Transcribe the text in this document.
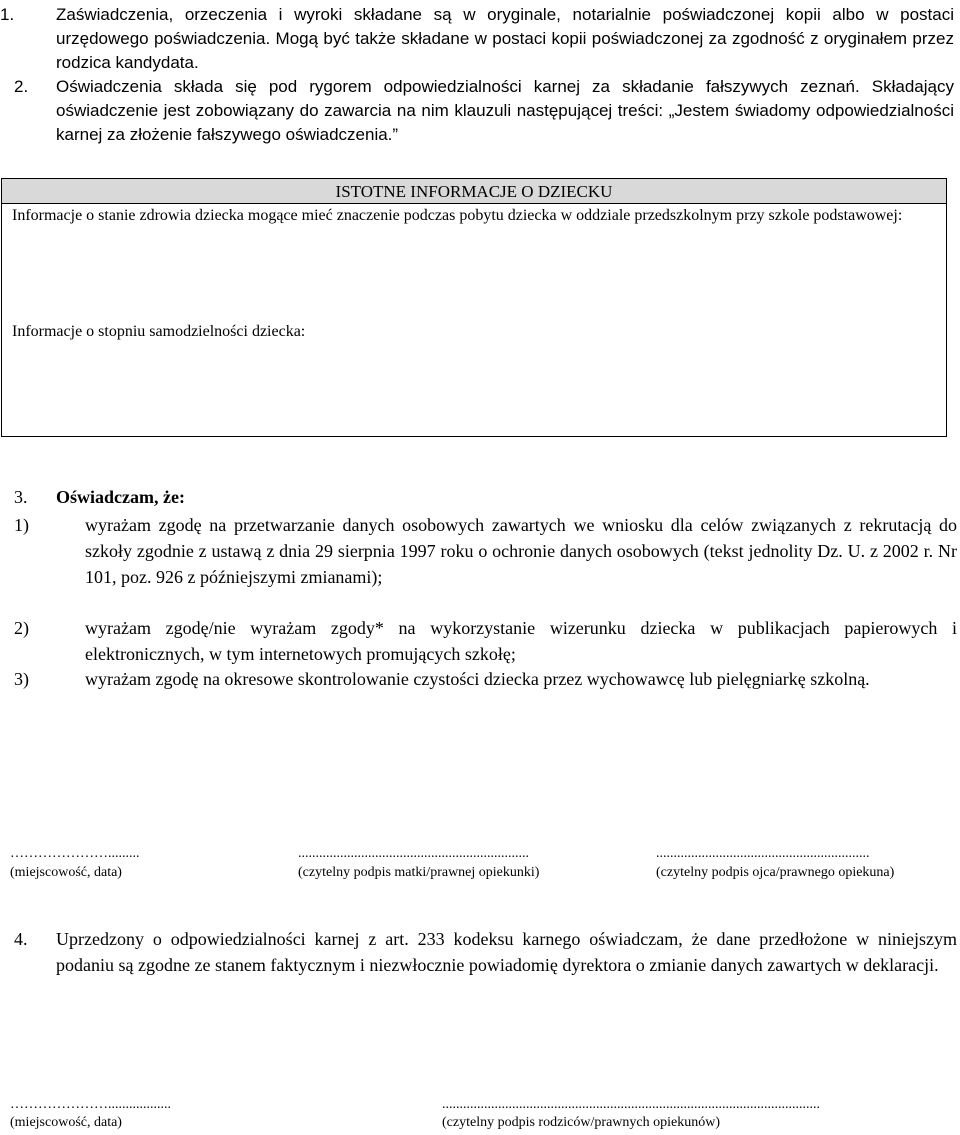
1. Zaświadczenia, orzeczenia i wyroki składane są w oryginale, notarialnie poświadczonej kopii albo w postaci urzędowego poświadczenia. Mogą być także składane w postaci kopii poświadczonej za zgodność z oryginałem przez rodzica kandydata.
2. Oświadczenia składa się pod rygorem odpowiedzialności karnej za składanie fałszywych zeznań. Składający oświadczenie jest zobowiązany do zawarcia na nim klauzuli następującej treści: „Jestem świadomy odpowiedzialności karnej za złożenie fałszywego oświadczenia.”
ISTOTNE INFORMACJE O DZIECKU
Informacje o stanie zdrowia dziecka mogące mieć znaczenie podczas pobytu dziecka w oddziale przedszkolnym przy szkole podstawowej:
Informacje o stopniu samodzielności dziecka:
3. Oświadczam, że:
1)	wyrażam zgodę na przetwarzanie danych osobowych zawartych we wniosku dla celów związanych z rekrutacją do szkoły zgodnie z ustawą z dnia 29 sierpnia 1997 roku o ochronie danych osobowych (tekst jednolity Dz. U. z 2002 r. Nr 101, poz. 926 z późniejszymi zmianami);
2)	wyrażam zgodę/nie wyrażam zgody* na wykorzystanie wizerunku dziecka w publikacjach papierowych i elektronicznych, w tym internetowych promujących szkołę;
3)	wyrażam zgodę na okresowe skontrolowanie czystości dziecka przez wychowawcę lub pielęgniarkę szkolną.
………………….........
(miejscowość, data)
..................................................................
(czytelny podpis matki/prawnej opiekunki)
.............................................................
(czytelny podpis ojca/prawnego opiekuna)
4. Uprzedzony o odpowiedzialności karnej z art. 233 kodeksu karnego oświadczam, że dane przedłożone w niniejszym podaniu są zgodne ze stanem faktycznym i niezwłocznie powiadomię dyrektora o zmianie danych zawartych w deklaracji.
…………………..................
(miejscowość, data)
............................................................................................................
(czytelny podpis rodziców/prawnych opiekunów)
